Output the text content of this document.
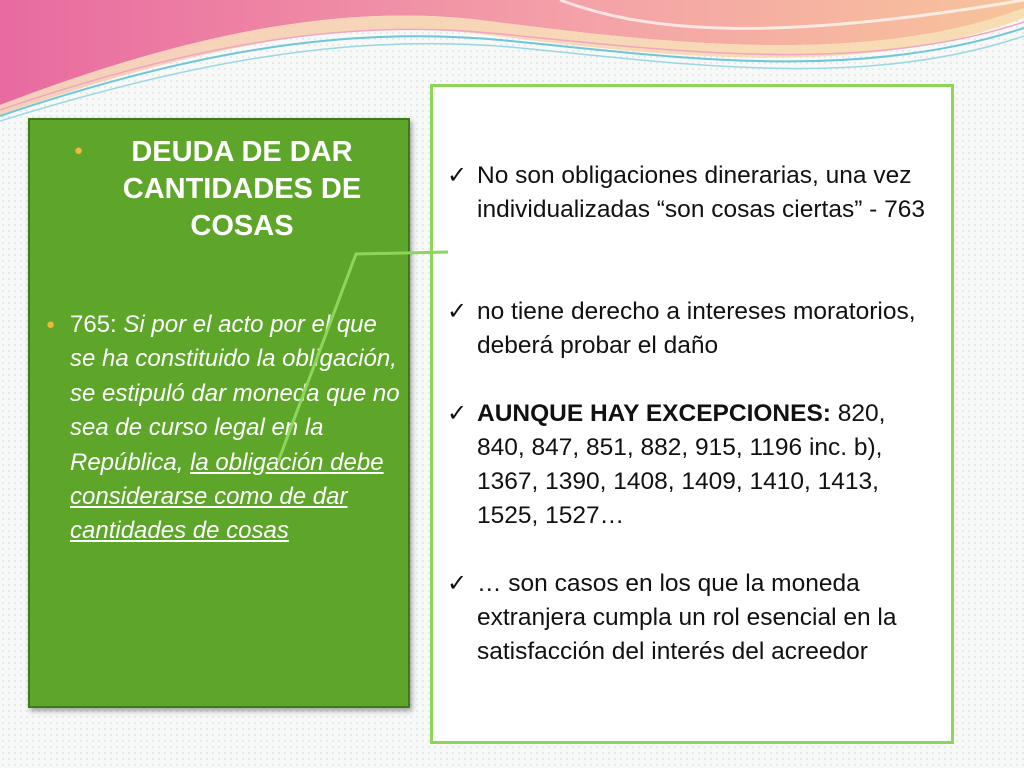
●	DEUDA DE DAR CANTIDADES DE COSAS
● 765: Si por el acto por el que se ha constituido la obligación, se estipuló dar moneda que no sea de curso legal en la República, la obligación debe considerarse como de dar cantidades de cosas
✓ No son obligaciones dinerarias, una vez individualizadas “son cosas ciertas” - 763
✓ no tiene derecho a intereses moratorios, deberá probar el daño
✓ AUNQUE HAY EXCEPCIONES: 820, 840, 847, 851, 882, 915, 1196 inc. b), 1367, 1390, 1408, 1409, 1410, 1413, 1525, 1527…
✓ … son casos en los que la moneda extranjera cumpla un rol esencial en la satisfacción del interés del acreedor
